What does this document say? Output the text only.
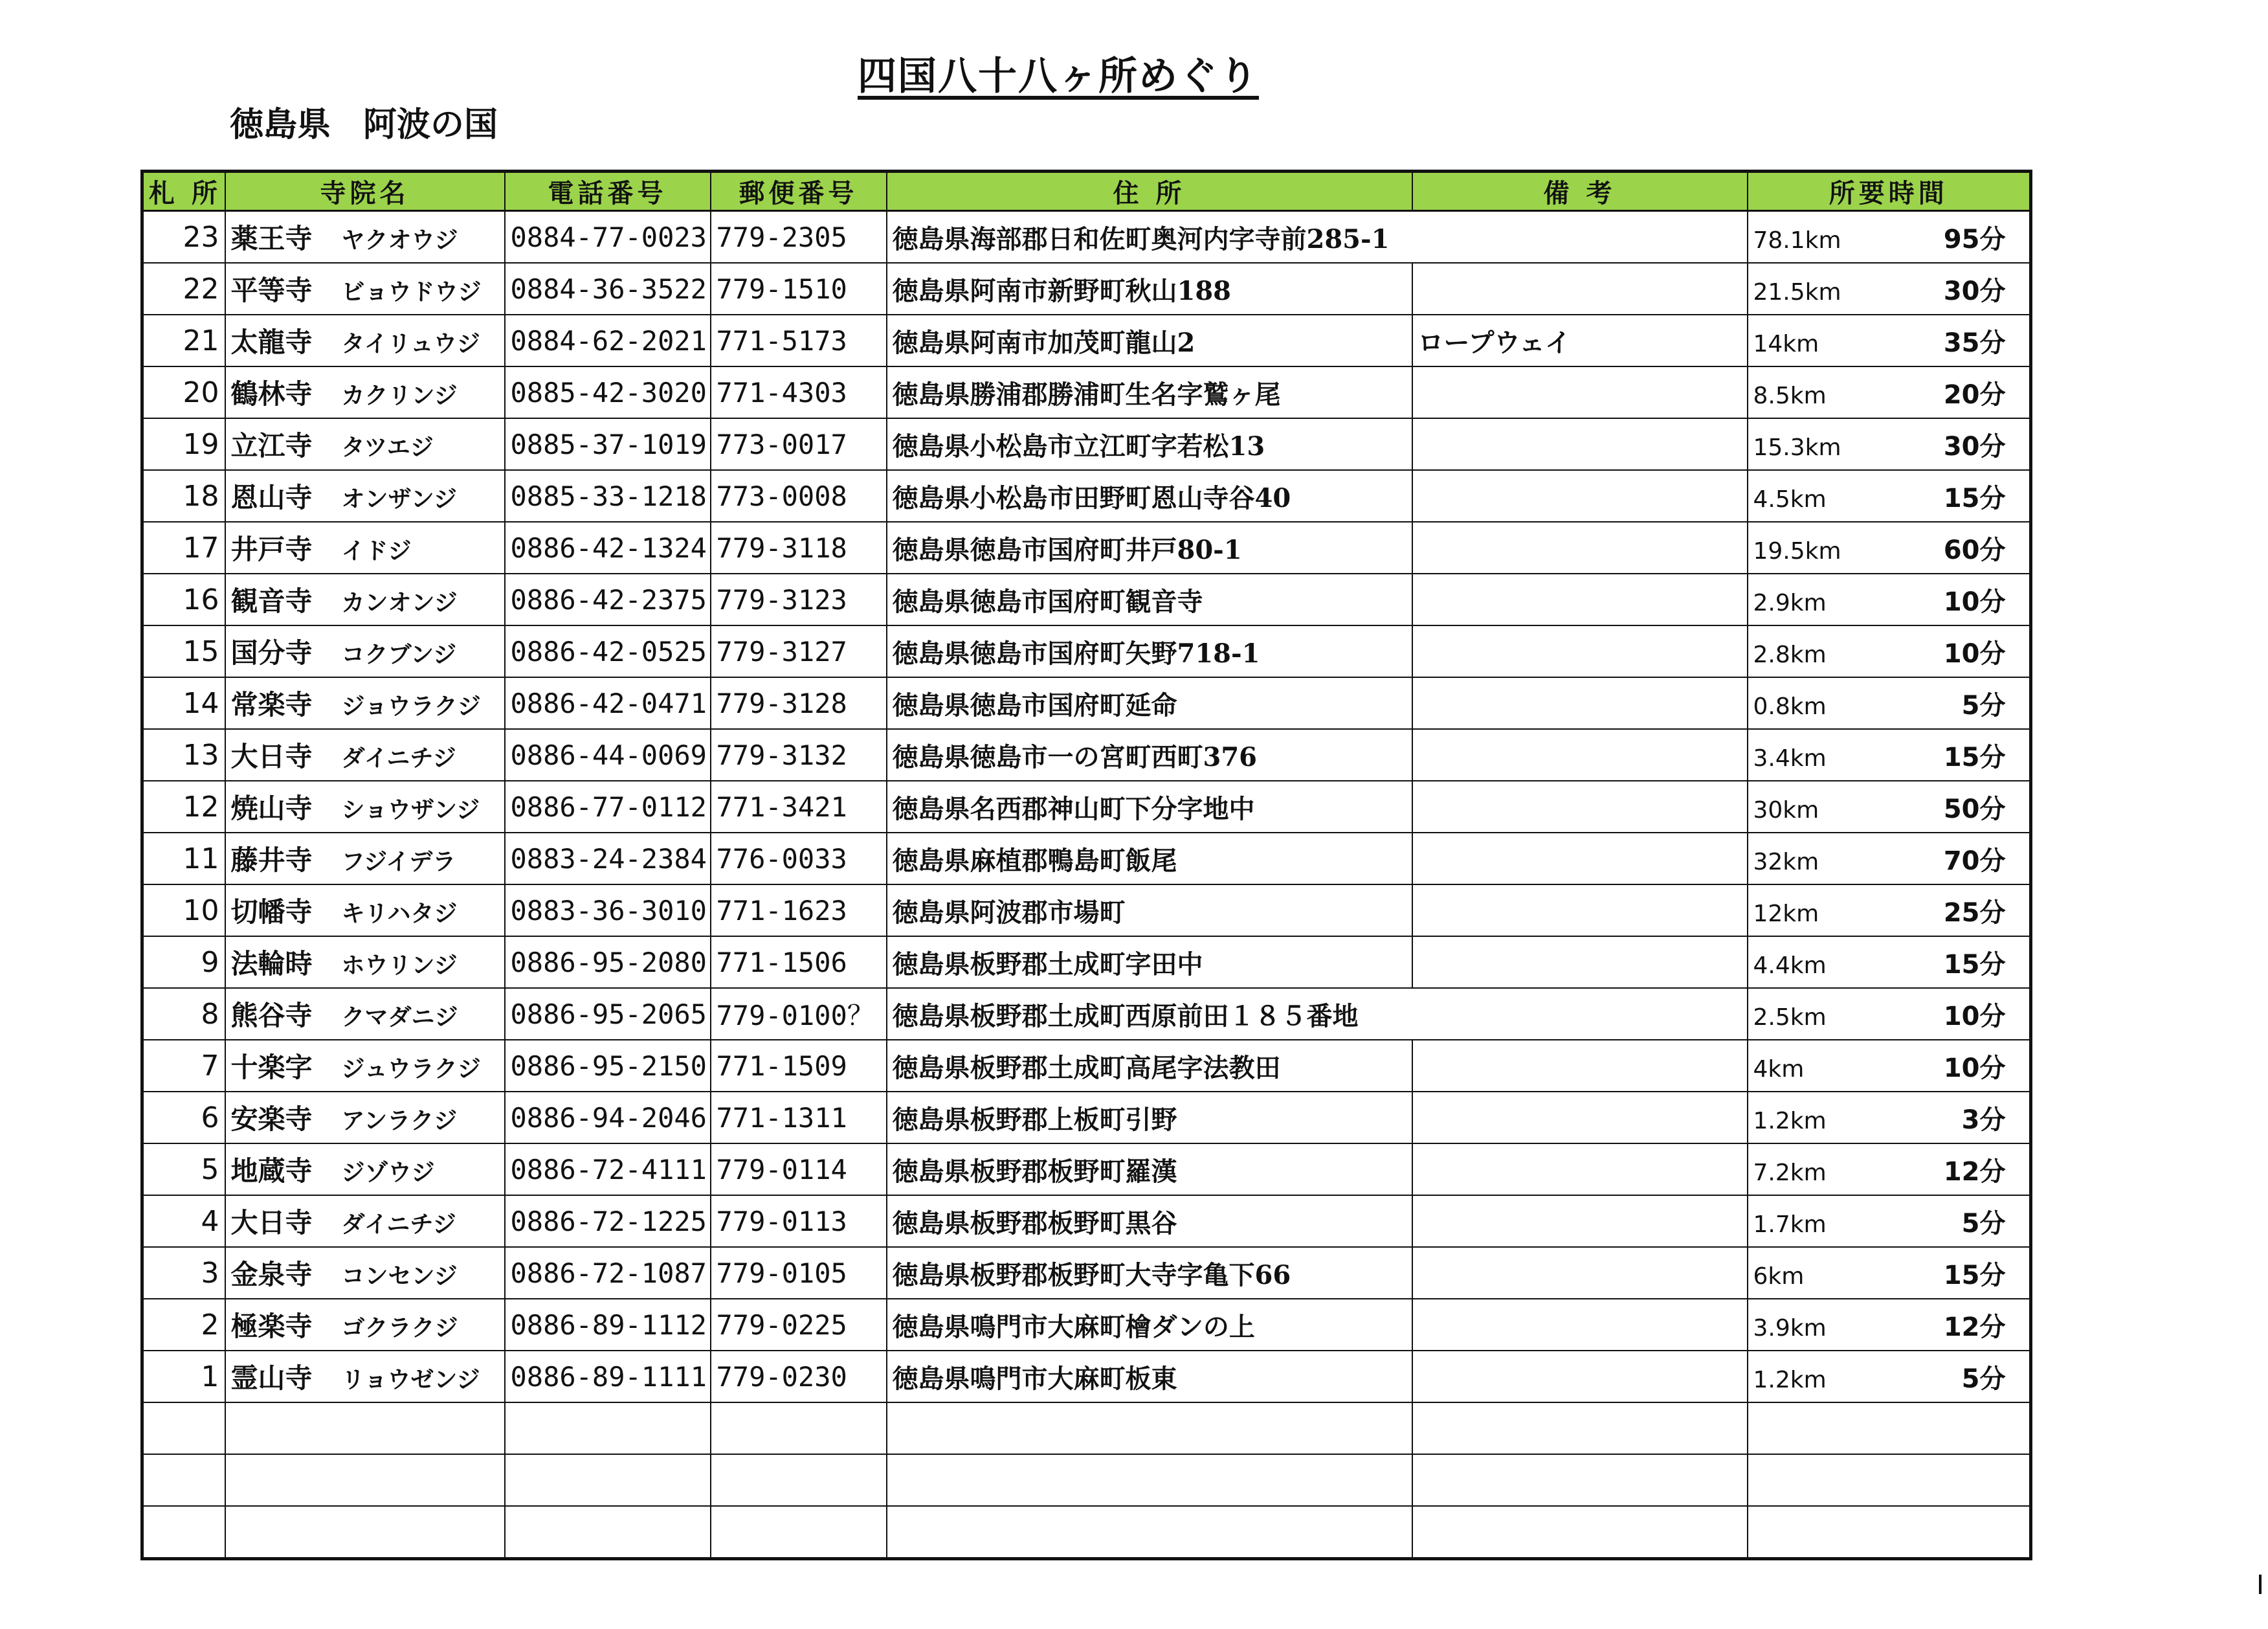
四国八十八ヶ所めぐり
徳島県 阿波の国
札 所	寺院名	電話番号	郵便番号	住 所	備 考	所要時間
23	薬王寺 ヤクオウジ	0884-77-0023	779-2305	徳島県海部郡日和佐町奥河内字寺前285-1		78.1km 95分
22	平等寺 ビョウドウジ	0884-36-3522	779-1510	徳島県阿南市新野町秋山188		21.5km 30分
21	太龍寺 タイリュウジ	0884-62-2021	771-5173	徳島県阿南市加茂町龍山2	ロープウェイ	14km 35分
20	鶴林寺 カクリンジ	0885-42-3020	771-4303	徳島県勝浦郡勝浦町生名字鷲ヶ尾		8.5km 20分
19	立江寺 タツエジ	0885-37-1019	773-0017	徳島県小松島市立江町字若松13		15.3km 30分
18	恩山寺 オンザンジ	0885-33-1218	773-0008	徳島県小松島市田野町恩山寺谷40		4.5km 15分
17	井戸寺 イドジ	0886-42-1324	779-3118	徳島県徳島市国府町井戸80-1		19.5km 60分
16	観音寺 カンオンジ	0886-42-2375	779-3123	徳島県徳島市国府町観音寺		2.9km 10分
15	国分寺 コクブンジ	0886-42-0525	779-3127	徳島県徳島市国府町矢野718-1		2.8km 10分
14	常楽寺 ジョウラクジ	0886-42-0471	779-3128	徳島県徳島市国府町延命		0.8km 5分
13	大日寺 ダイニチジ	0886-44-0069	779-3132	徳島県徳島市一の宮町西町376		3.4km 15分
12	焼山寺 ショウザンジ	0886-77-0112	771-3421	徳島県名西郡神山町下分字地中		30km 50分
11	藤井寺 フジイデラ	0883-24-2384	776-0033	徳島県麻植郡鴨島町飯尾		32km 70分
10	切幡寺 キリハタジ	0883-36-3010	771-1623	徳島県阿波郡市場町		12km 25分
9	法輪時 ホウリンジ	0886-95-2080	771-1506	徳島県板野郡土成町字田中		4.4km 15分
8	熊谷寺 クマダニジ	0886-95-2065	779-0100？	徳島県板野郡土成町西原前田１８５番地		2.5km 10分
7	十楽字 ジュウラクジ	0886-95-2150	771-1509	徳島県板野郡土成町高尾字法教田		4km 10分
6	安楽寺 アンラクジ	0886-94-2046	771-1311	徳島県板野郡上板町引野		1.2km 3分
5	地蔵寺 ジゾウジ	0886-72-4111	779-0114	徳島県板野郡板野町羅漢		7.2km 12分
4	大日寺 ダイニチジ	0886-72-1225	779-0113	徳島県板野郡板野町黒谷		1.7km 5分
3	金泉寺 コンセンジ	0886-72-1087	779-0105	徳島県板野郡板野町大寺字亀下66		6km 15分
2	極楽寺 ゴクラクジ	0886-89-1112	779-0225	徳島県鳴門市大麻町檜ダンの上		3.9km 12分
1	霊山寺 リョウゼンジ	0886-89-1111	779-0230	徳島県鳴門市大麻町板東		1.2km 5分
